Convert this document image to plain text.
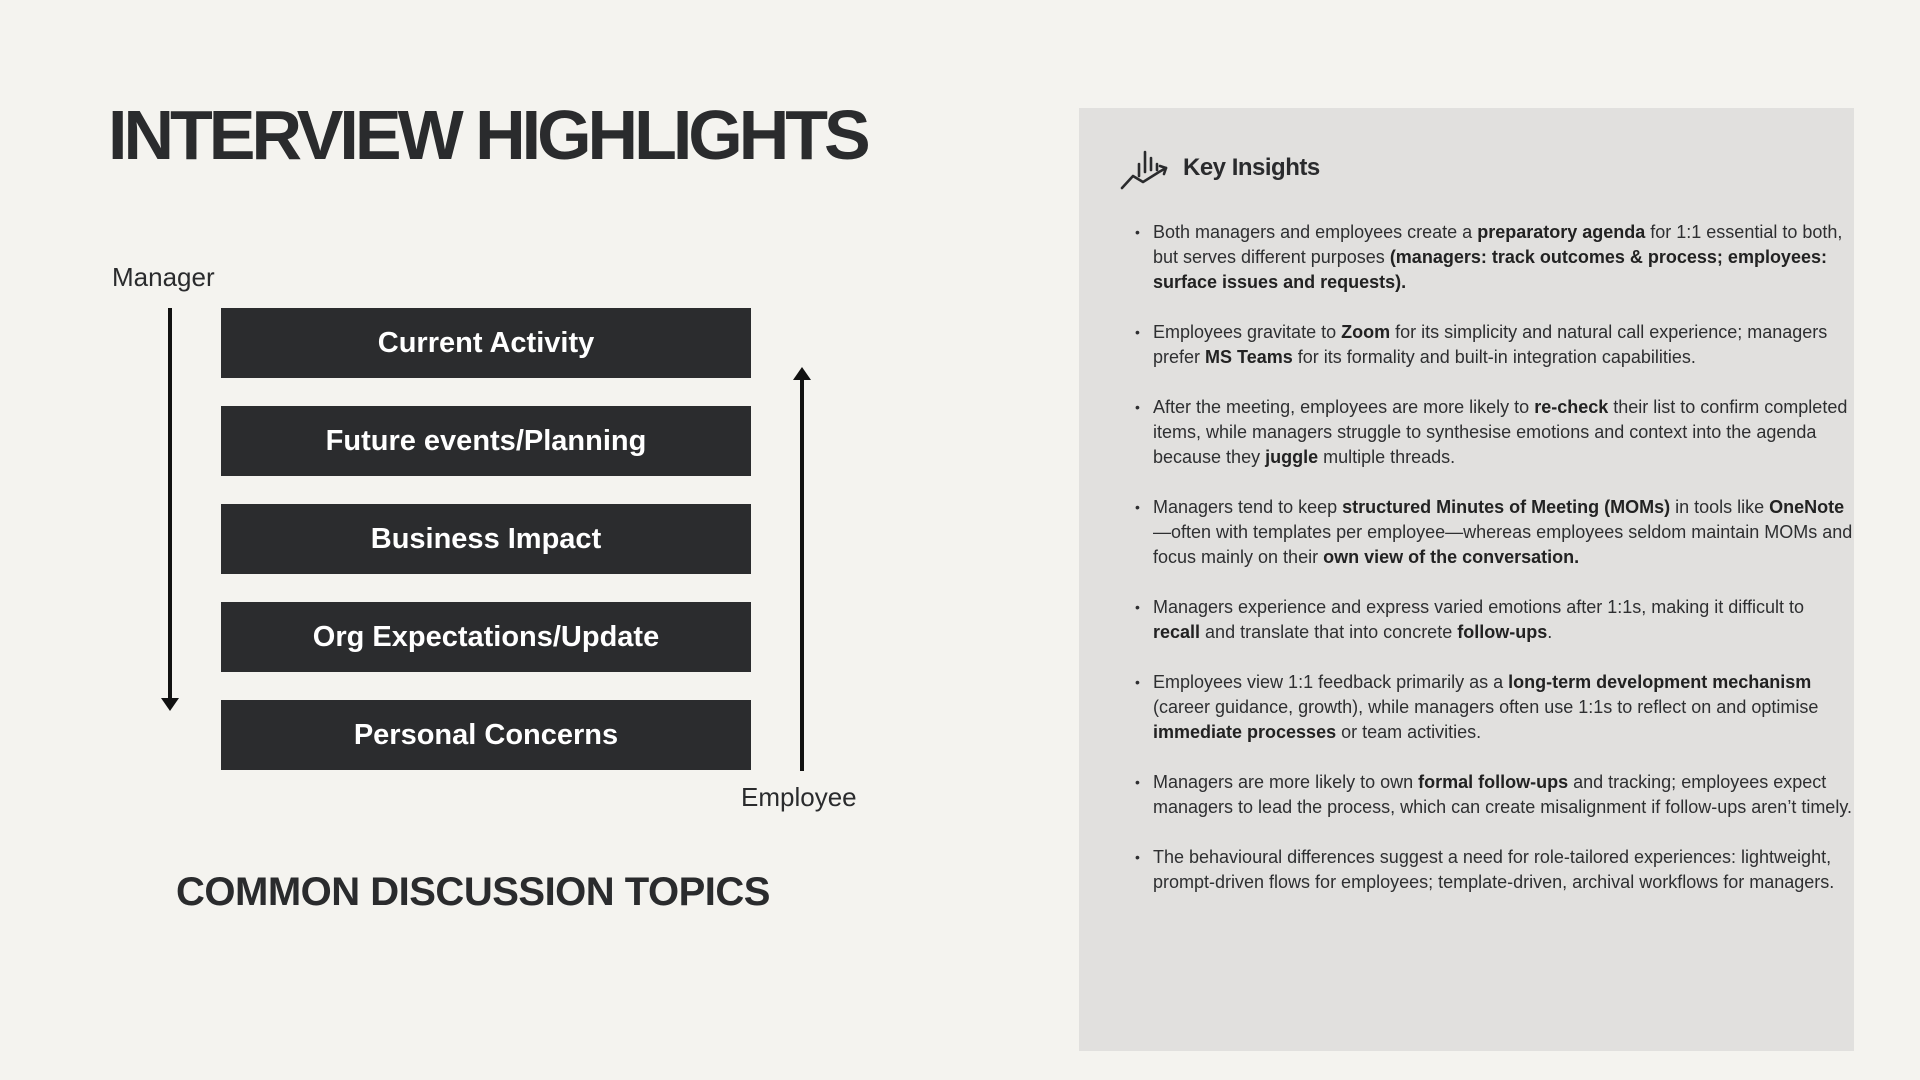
INTERVIEW HIGHLIGHTS
Manager
Current Activity
Future events/Planning
Business Impact
Org Expectations/Update
Personal Concerns
Employee
COMMON DISCUSSION TOPICS
Key Insights
• Both managers and employees create a preparatory agenda for 1:1 essential to both, but serves different purposes (managers: track outcomes & process; employees: surface issues and requests).
• Employees gravitate to Zoom for its simplicity and natural call experience; managers prefer MS Teams for its formality and built-in integration capabilities.
• After the meeting, employees are more likely to re-check their list to confirm completed items, while managers struggle to synthesise emotions and context into the agenda because they juggle multiple threads.
• Managers tend to keep structured Minutes of Meeting (MOMs) in tools like OneNote—often with templates per employee—whereas employees seldom maintain MOMs and focus mainly on their own view of the conversation.
• Managers experience and express varied emotions after 1:1s, making it difficult to recall and translate that into concrete follow-ups.
• Employees view 1:1 feedback primarily as a long-term development mechanism (career guidance, growth), while managers often use 1:1s to reflect on and optimise immediate processes or team activities.
• Managers are more likely to own formal follow-ups and tracking; employees expect managers to lead the process, which can create misalignment if follow-ups aren’t timely.
• The behavioural differences suggest a need for role-tailored experiences: lightweight, prompt-driven flows for employees; template-driven, archival workflows for managers.
